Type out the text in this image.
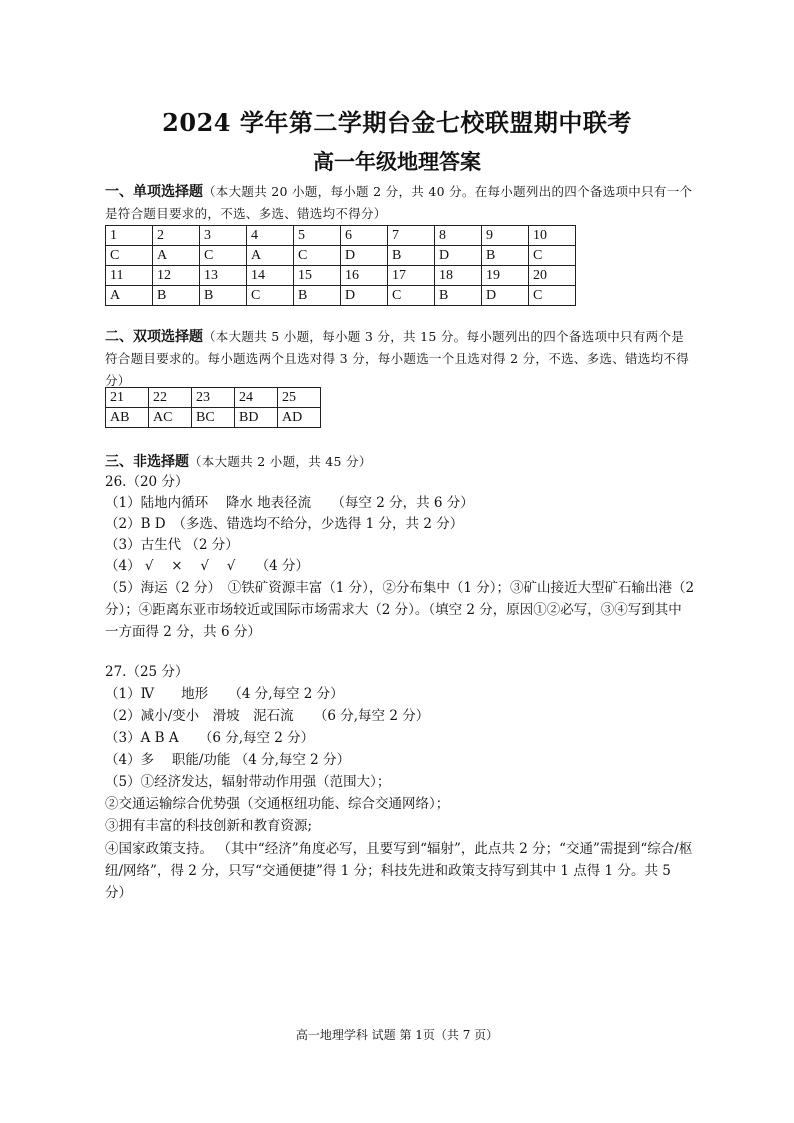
2024 学年第二学期台金七校联盟期中联考
高一年级地理答案
一、单项选择题（本大题共 20 小题，每小题 2 分，共 40 分。在每小题列出的四个备选项中只有一个是符合题目要求的，不选、多选、错选均不得分）
1	2	3	4	5	6	7	8	9	10
C	A	C	A	C	D	B	D	B	C
11	12	13	14	15	16	17	18	19	20
A	B	B	C	B	D	C	B	D	C
二、双项选择题（本大题共 5 小题，每小题 3 分，共 15 分。每小题列出的四个备选项中只有两个是符合题目要求的。每小题选两个且选对得 3 分，每小题选一个且选对得 2 分，不选、多选、错选均不得分）
21	22	23	24	25
AB	AC	BC	BD	AD
三、非选择题（本大题共 2 小题，共 45 分）
26.（20 分）
（1）陆地内循环　 降水 地表径流　　（每空 2 分，共 6 分）
（2）B D　（多选、错选均不给分，少选得 1 分，共 2 分）
（3）古生代 （2 分）
（4） √　 ×　 √　 √　　（4 分）
（5）海运（2 分）　①铁矿资源丰富（1 分），②分布集中（1 分）；③矿山接近大型矿石输出港（2 分）；④距离东亚市场较近或国际市场需求大（2 分）。（填空 2 分，原因①②必写，③④写到其中一方面得 2 分，共 6 分）
27.（25 分）
（1）Ⅳ　　地形　　（4 分,每空 2 分）
（2）减小/变小　滑坡　泥石流　　（6 分,每空 2 分）
（3）A B A　　（6 分,每空 2 分）
（4）多　 职能/功能 （4 分,每空 2 分）
（5）①经济发达，辐射带动作用强（范围大）；
②交通运输综合优势强（交通枢纽功能、综合交通网络）；
③拥有丰富的科技创新和教育资源;
④国家政策支持。 （其中“经济”角度必写，且要写到“辐射”，此点共 2 分；“交通”需提到“综合/枢纽/网络”，得 2 分，只写“交通便捷”得 1 分；科技先进和政策支持写到其中 1 点得 1 分。共 5 分）
高一地理学科 试题 第 1页（共 7 页）
